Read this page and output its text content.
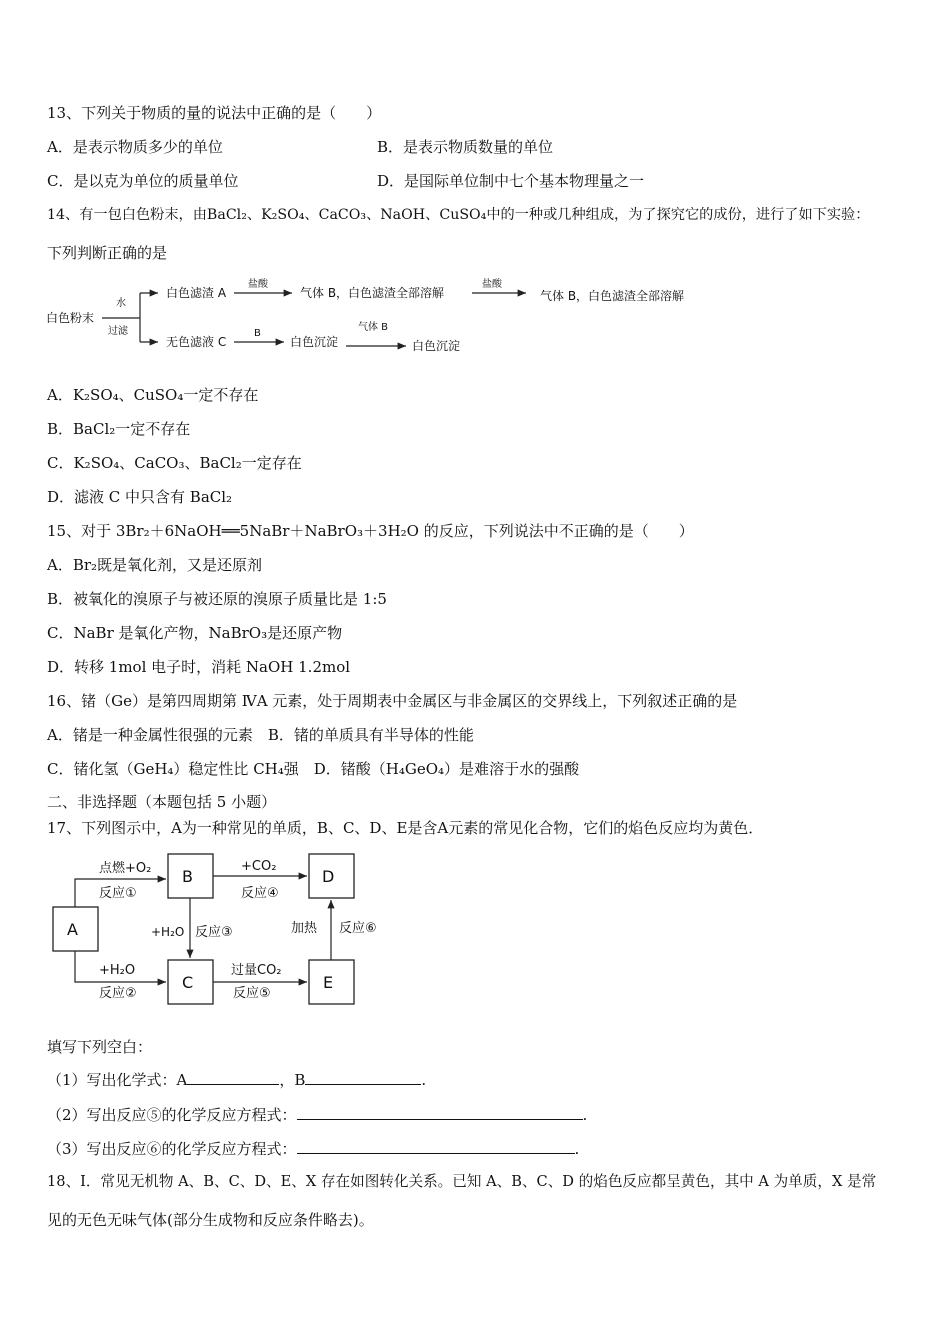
13、下列关于物质的量的说法中正确的是（　　）
A．是表示物质多少的单位	B．是表示物质数量的单位
C．是以克为单位的质量单位	D．是国际单位制中七个基本物理量之一
14、有一包白色粉末，由BaCl₂、K₂SO₄、CaCO₃、NaOH、CuSO₄中的一种或几种组成，为了探究它的成份，进行了如下实验：
下列判断正确的是
白色粉末
水
过滤
白色滤渣 A
盐酸
气体 B，白色滤渣全部溶解
盐酸
气体 B，白色滤渣全部溶解
无色滤液 C
B
白色沉淀
气体 B
白色沉淀
A．K₂SO₄、CuSO₄一定不存在
B．BaCl₂一定不存在
C．K₂SO₄、CaCO₃、BaCl₂一定存在
D．滤液 C 中只含有 BaCl₂
15、对于 3Br₂＋6NaOH══5NaBr＋NaBrO₃＋3H₂O 的反应，下列说法中不正确的是（　　）
A．Br₂既是氧化剂，又是还原剂
B．被氧化的溴原子与被还原的溴原子质量比是 1:5
C．NaBr 是氧化产物，NaBrO₃是还原产物
D．转移 1mol 电子时，消耗 NaOH 1.2mol
16、锗（Ge）是第四周期第 ⅣA 元素，处于周期表中金属区与非金属区的交界线上，下列叙述正确的是
A．锗是一种金属性很强的元素　B．锗的单质具有半导体的性能
C．锗化氢（GeH₄）稳定性比 CH₄强　D．锗酸（H₄GeO₄）是难溶于水的强酸
二、非选择题（本题包括 5 小题）
17、下列图示中，A为一种常见的单质，B、C、D、E是含A元素的常见化合物，它们的焰色反应均为黄色．
A
B
C
D
E
点燃+O₂
反应①
+H₂O
反应②
+H₂O 反应③
+CO₂
反应④
过量CO₂
反应⑤
加热 反应⑥
填写下列空白：
（1）写出化学式：A	，B	.
（2）写出反应⑤的化学反应方程式：	.
（3）写出反应⑥的化学反应方程式：	.
18、I．常见无机物 A、B、C、D、E、X 存在如图转化关系。已知 A、B、C、D 的焰色反应都呈黄色，其中 A 为单质，X 是常
见的无色无味气体(部分生成物和反应条件略去)。
